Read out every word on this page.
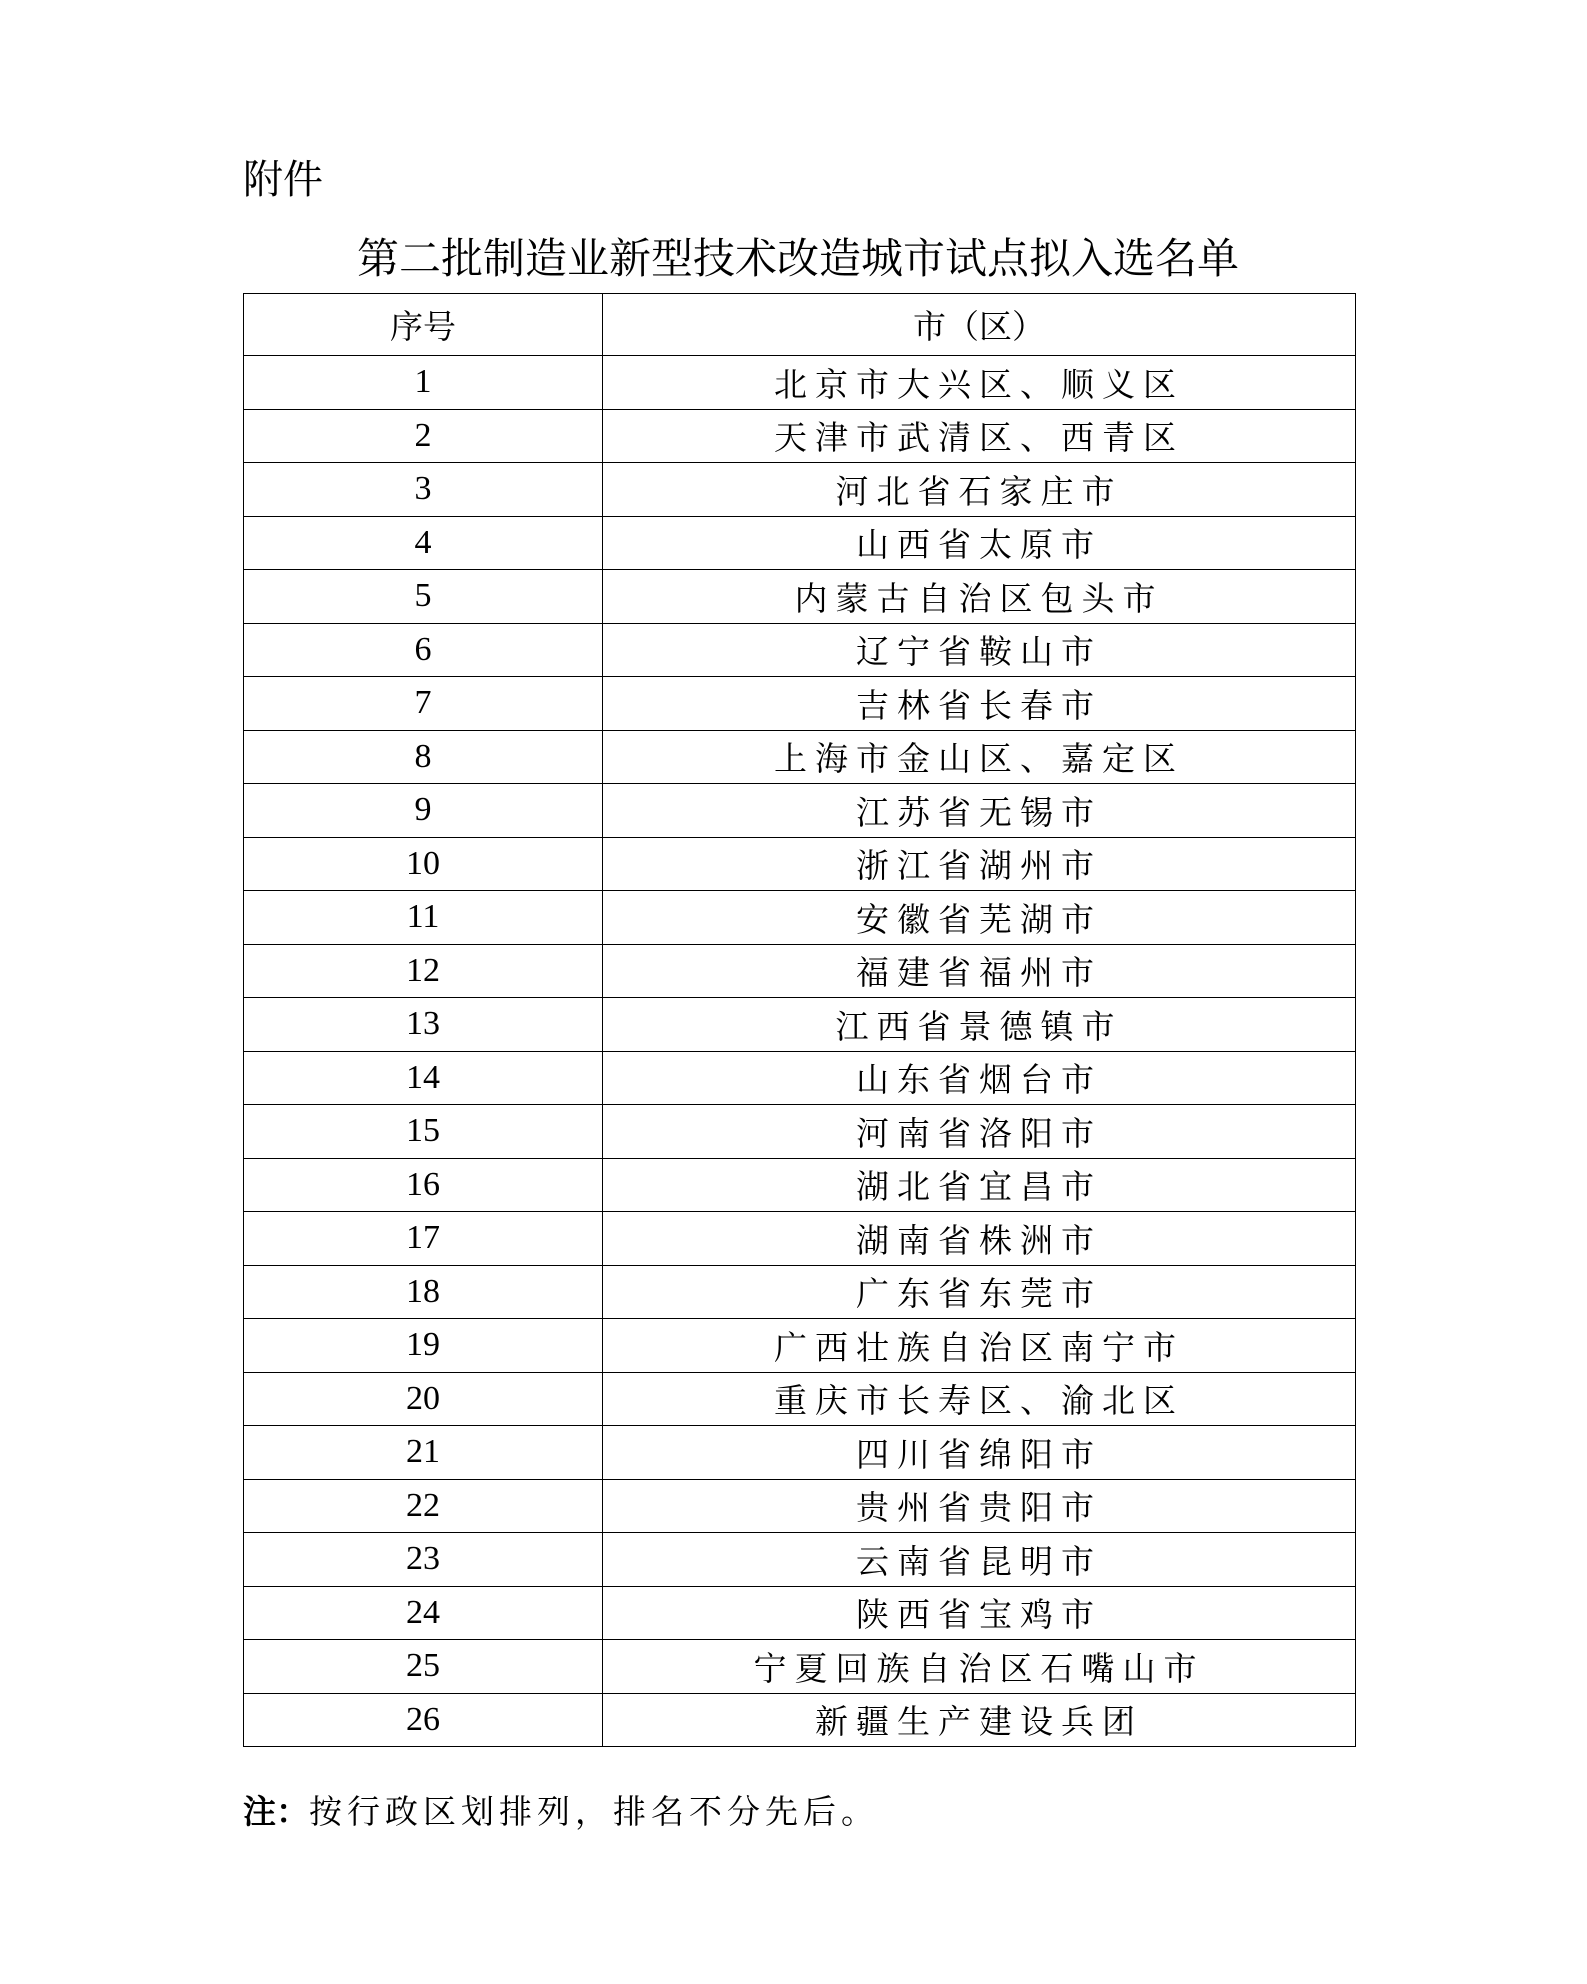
附件
第二批制造业新型技术改造城市试点拟入选名单
序号	市（区）
1	北京市大兴区、顺义区
2	天津市武清区、西青区
3	河北省石家庄市
4	山西省太原市
5	内蒙古自治区包头市
6	辽宁省鞍山市
7	吉林省长春市
8	上海市金山区、嘉定区
9	江苏省无锡市
10	浙江省湖州市
11	安徽省芜湖市
12	福建省福州市
13	江西省景德镇市
14	山东省烟台市
15	河南省洛阳市
16	湖北省宜昌市
17	湖南省株洲市
18	广东省东莞市
19	广西壮族自治区南宁市
20	重庆市长寿区、渝北区
21	四川省绵阳市
22	贵州省贵阳市
23	云南省昆明市
24	陕西省宝鸡市
25	宁夏回族自治区石嘴山市
26	新疆生产建设兵团
注：按行政区划排列，排名不分先后。
